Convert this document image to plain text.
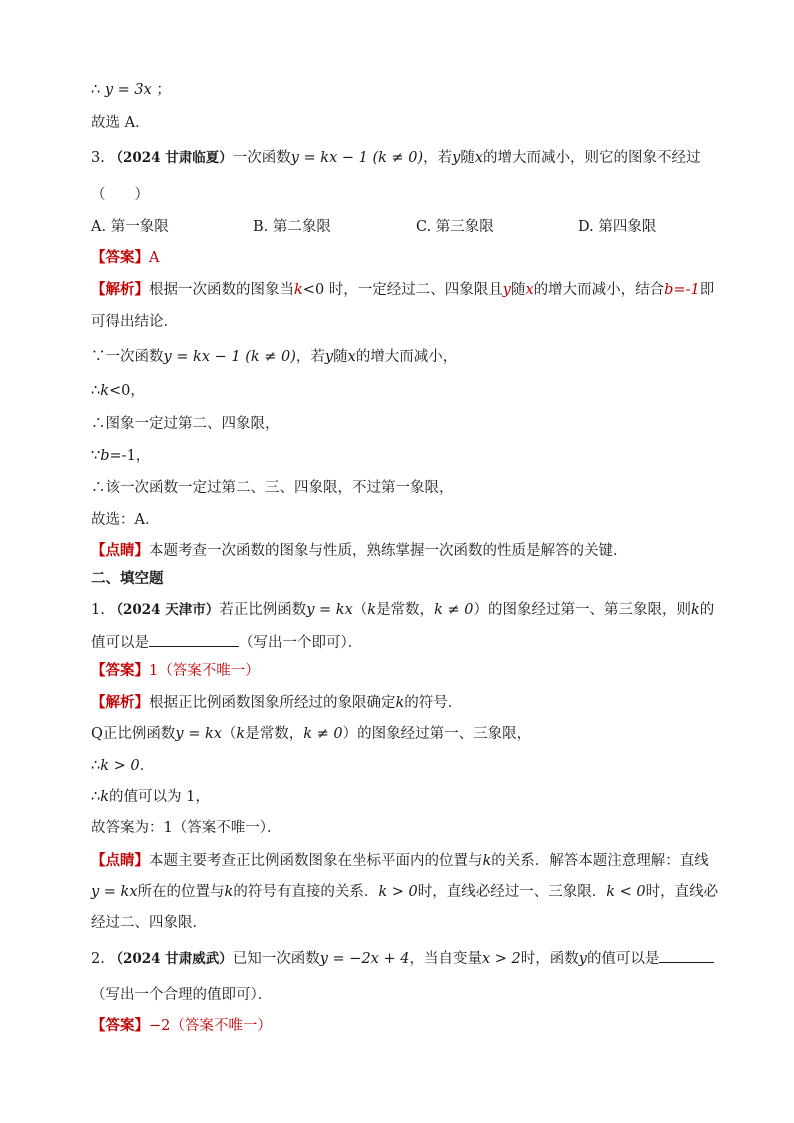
∴ y = 3x ；
故选 A．
3. （2024 甘肃临夏）一次函数y = kx − 1 (k ≠ 0)，若y随x的增大而减小，则它的图象不经过
（　　）
A. 第一象限	B. 第二象限	C. 第三象限	D. 第四象限
【答案】A
【解析】根据一次函数的图象当k<0 时，一定经过二、四象限且y随x的增大而减小，结合b=-1即
可得出结论．
∵一次函数y = kx − 1 (k ≠ 0)，若y随x的增大而减小，
∴k<0，
∴图象一定过第二、四象限，
∵b=-1，
∴该一次函数一定过第二、三、四象限，不过第一象限，
故选：A．
【点睛】本题考查一次函数的图象与性质，熟练掌握一次函数的性质是解答的关键．
二、填空题
1. （2024 天津市）若正比例函数y = kx（k是常数，k ≠ 0）的图象经过第一、第三象限，则k的
值可以是	（写出一个即可）．
【答案】1（答案不唯一）
【解析】根据正比例函数图象所经过的象限确定k的符号．
Q正比例函数y = kx（k是常数，k ≠ 0）的图象经过第一、三象限，
∴k > 0．
∴k的值可以为 1，
故答案为：1（答案不唯一）．
【点睛】本题主要考查正比例函数图象在坐标平面内的位置与k的关系．解答本题注意理解：直线
y = kx所在的位置与k的符号有直接的关系．k > 0时，直线必经过一、三象限．k < 0时，直线必
经过二、四象限．
2. （2024 甘肃威武）已知一次函数y = −2x + 4，当自变量x > 2时，函数y的值可以是
（写出一个合理的值即可）．
【答案】−2（答案不唯一）
